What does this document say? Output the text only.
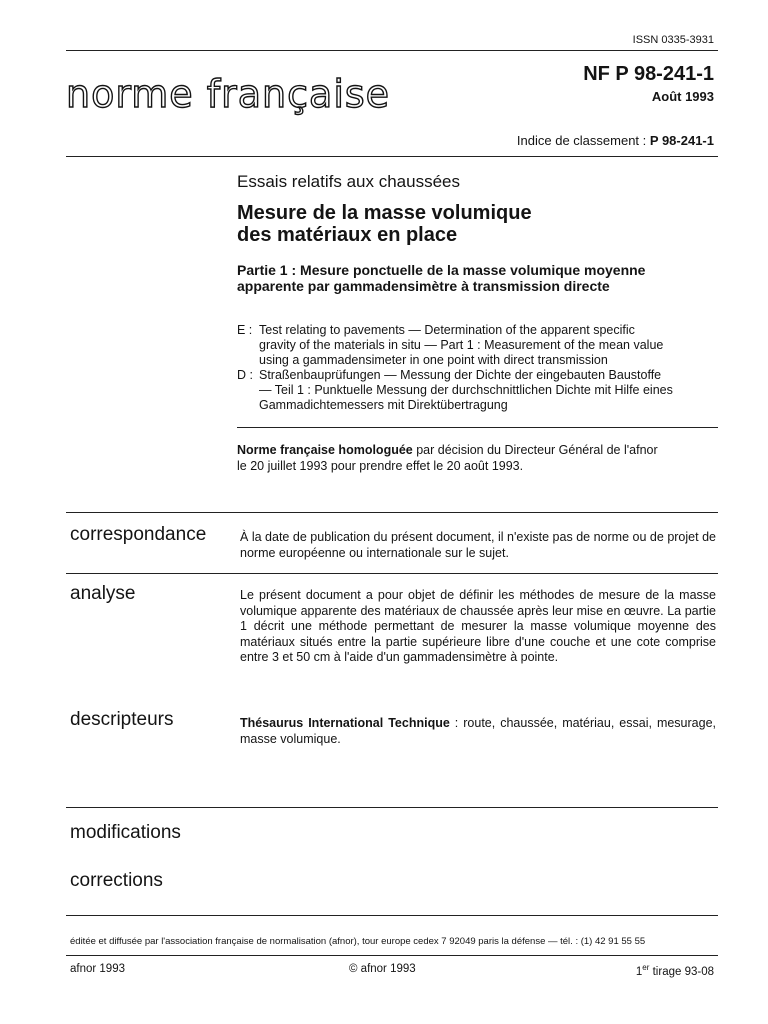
ISSN 0335-3931
norme française	NF P 98-241-1
Août 1993
Indice de classement : P 98-241-1
Essais relatifs aux chaussées
Mesure de la masse volumique
des matériaux en place
Partie 1 : Mesure ponctuelle de la masse volumique moyenne
apparente par gammadensimètre à transmission directe
E : Test relating to pavements — Determination of the apparent specific
gravity of the materials in situ — Part 1 : Measurement of the mean value
using a gammadensimeter in one point with direct transmission
D : Straßenbauprüfungen — Messung der Dichte der eingebauten Baustoffe
— Teil 1 : Punktuelle Messung der durchschnittlichen Dichte mit Hilfe eines
Gammadichtemessers mit Direktübertragung
Norme française homologuée par décision du Directeur Général de l'afnor
le 20 juillet 1993 pour prendre effet le 20 août 1993.
correspondance	À la date de publication du présent document, il n'existe pas de norme ou de projet de norme européenne ou internationale sur le sujet.
analyse	Le présent document a pour objet de définir les méthodes de mesure de la masse volumique apparente des matériaux de chaussée après leur mise en œuvre. La partie 1 décrit une méthode permettant de mesurer la masse volumique moyenne des matériaux situés entre la partie supérieure libre d'une couche et une cote comprise entre 3 et 50 cm à l'aide d'un gammadensimètre à pointe.
descripteurs	Thésaurus International Technique : route, chaussée, matériau, essai, mesurage, masse volumique.
modifications
corrections
éditée et diffusée par l'association française de normalisation (afnor), tour europe cedex 7 92049 paris la défense — tél. : (1) 42 91 55 55
afnor 1993	© afnor 1993	1er tirage 93-08
